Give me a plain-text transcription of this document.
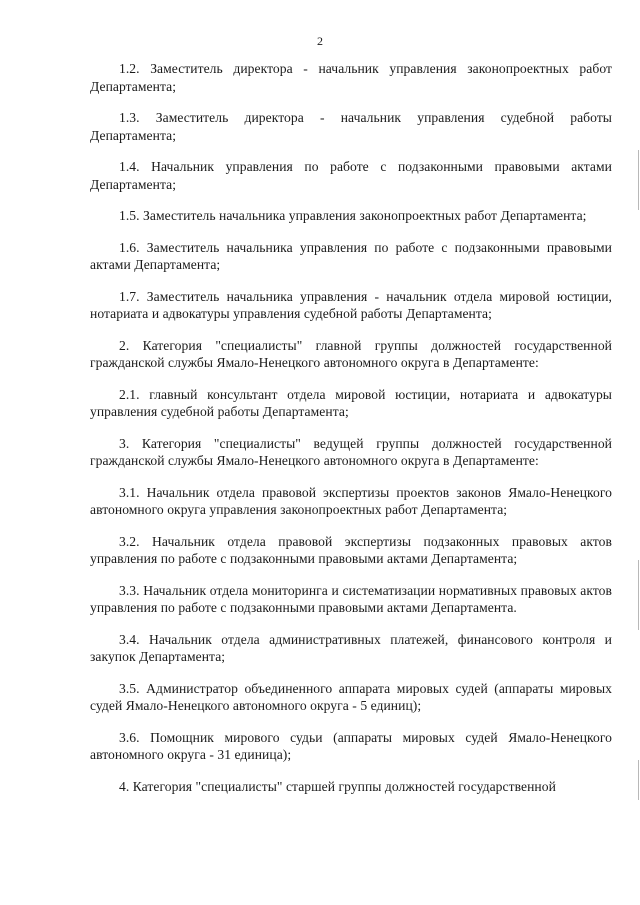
2

1.2. Заместитель директора - начальник управления законопроектных работ Департамента;

1.3. Заместитель директора - начальник управления судебной работы Департамента;

1.4. Начальник управления по работе с подзаконными правовыми актами Департамента;

1.5. Заместитель начальника управления законопроектных работ Департамента;

1.6. Заместитель начальника управления по работе с подзаконными правовыми актами Департамента;

1.7. Заместитель начальника управления - начальник отдела мировой юстиции, нотариата и адвокатуры управления судебной работы Департамента;

2. Категория "специалисты" главной группы должностей государственной гражданской службы Ямало-Ненецкого автономного округа в Департаменте:

2.1. главный консультант отдела мировой юстиции, нотариата и адвокатуры управления судебной работы Департамента;

3. Категория "специалисты" ведущей группы должностей государственной гражданской службы Ямало-Ненецкого автономного округа в Департаменте:

3.1. Начальник отдела правовой экспертизы проектов законов Ямало-Ненецкого автономного округа управления законопроектных работ Департамента;

3.2. Начальник отдела правовой экспертизы подзаконных правовых актов управления по работе с подзаконными правовыми актами Департамента;

3.3. Начальник отдела мониторинга и систематизации нормативных правовых актов управления по работе с подзаконными правовыми актами Департамента.

3.4. Начальник отдела административных платежей, финансового контроля и закупок Департамента;

3.5. Администратор объединенного аппарата мировых судей (аппараты мировых судей Ямало-Ненецкого автономного округа - 5 единиц);

3.6. Помощник мирового судьи (аппараты мировых судей Ямало-Ненецкого автономного округа - 31 единица);

4. Категория "специалисты" старшей группы должностей государственной
